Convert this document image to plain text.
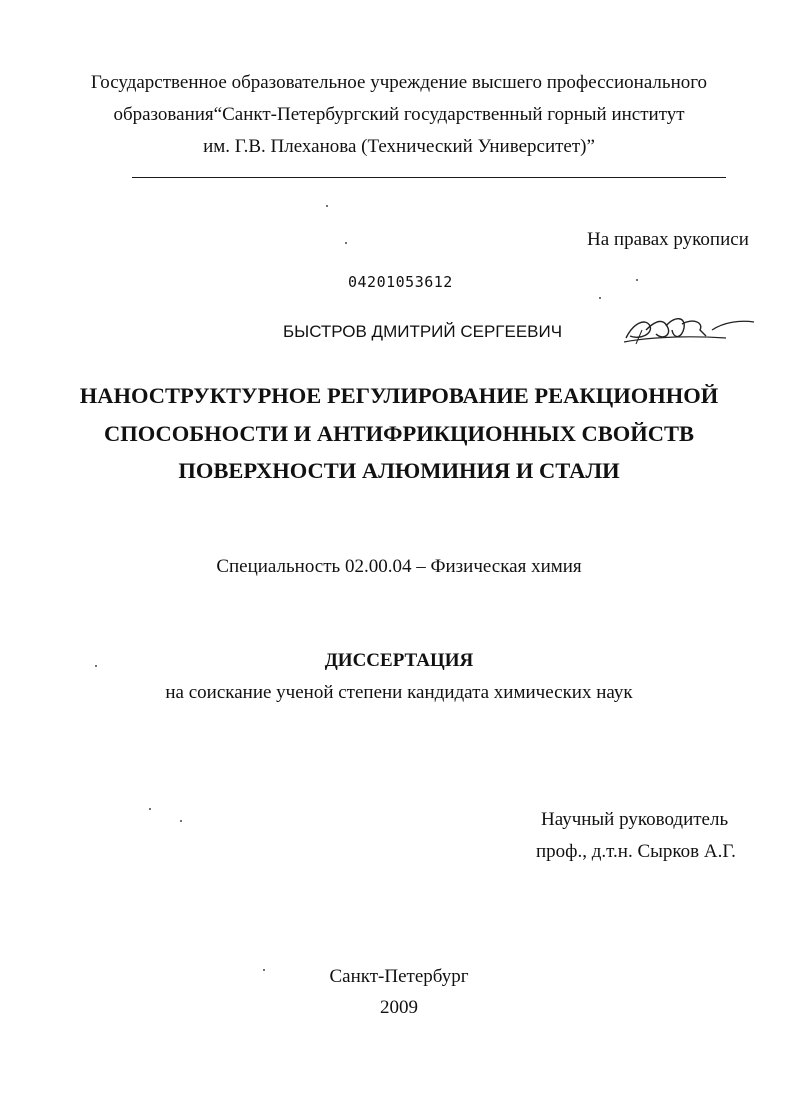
Государственное образовательное учреждение высшего профессионального
образования“Санкт-Петербургский государственный горный институт
им. Г.В. Плеханова (Технический Университет)”
На правах рукописи
04201053612
БЫСТРОВ ДМИТРИЙ СЕРГЕЕВИЧ
НАНОСТРУКТУРНОЕ РЕГУЛИРОВАНИЕ РЕАКЦИОННОЙ
СПОСОБНОСТИ И АНТИФРИКЦИОННЫХ СВОЙСТВ
ПОВЕРХНОСТИ АЛЮМИНИЯ И СТАЛИ
Специальность 02.00.04 – Физическая химия
ДИССЕРТАЦИЯ
на соискание ученой степени кандидата химических наук
Научный руководитель
проф., д.т.н. Сырков А.Г.
Санкт-Петербург
2009
